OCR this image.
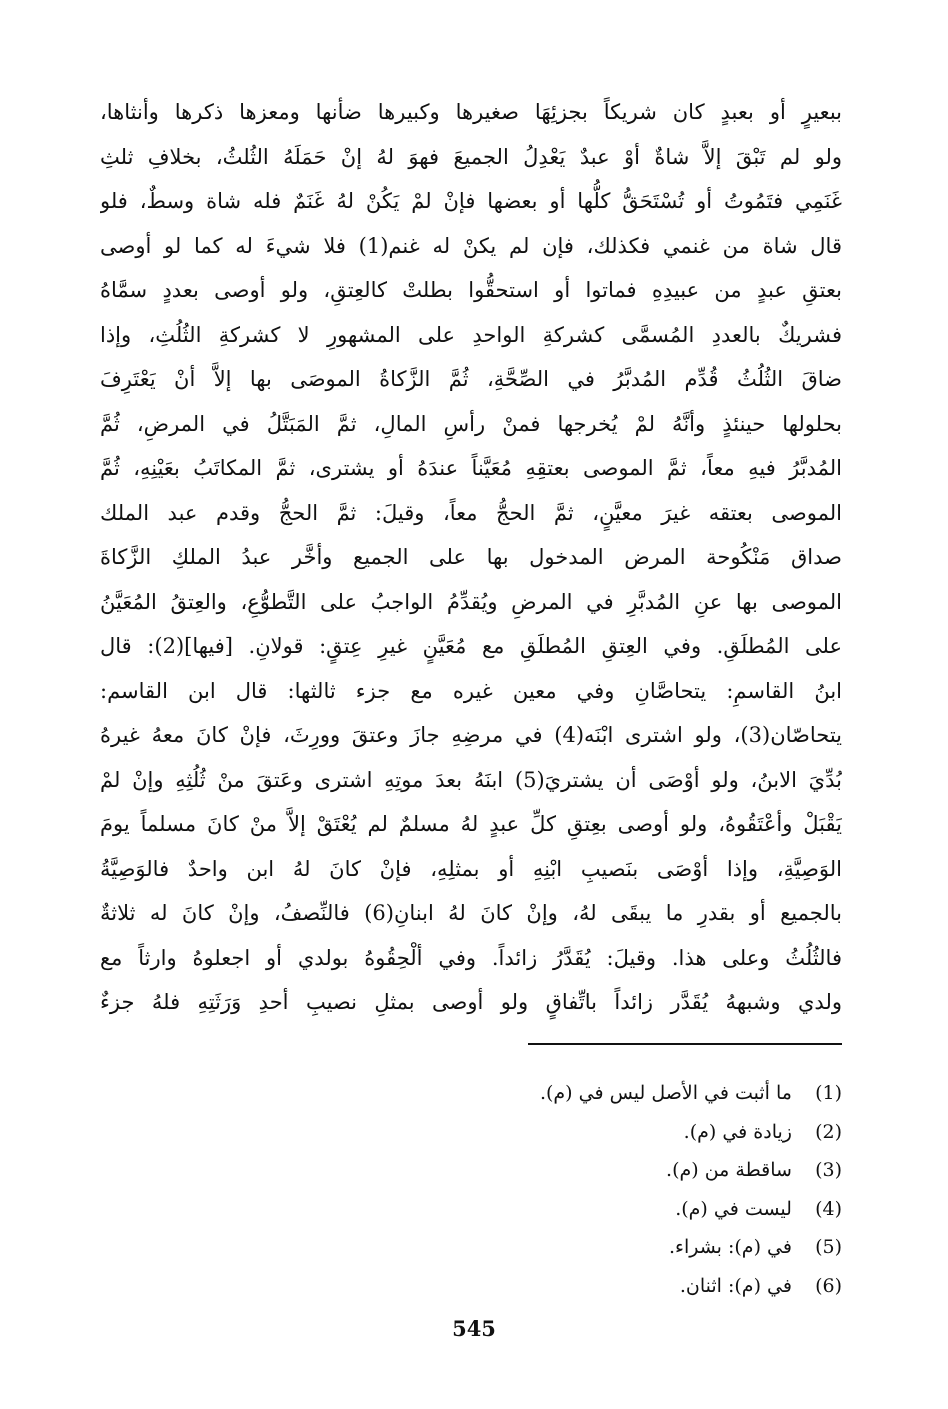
ببعيرٍ أو بعبدٍ كان شريكاً بجزئِهَا صغيرها وكبيرها ضأنها ومعزها ذكرها وأنثاها،
ولو لم تَبْقَ إلاَّ شاةٌ أوْ عبدٌ يَعْدِلُ الجميعَ فهوَ لهُ إنْ حَمَلَهُ الثُلثُ، بخلافِ ثلثِ
غَنَمِي فتَمُوتُ أو تُسْتَحَقُّ كلُّها أو بعضها فإنْ لمْ يَكُنْ لهُ غَنَمٌ فله شاة وسطٌ، فلو
قال شاة من غنمي فكذلك، فإن لم يكنْ له غنم(1) فلا شيءَ له كما لو أوصى
بعتقِ عبدٍ من عبيدِهِ فماتوا أو استحقُّوا بطلتْ كالعِتقِ، ولو أوصى بعددٍ سمَّاهُ
فشريكٌ بالعددِ المُسمَّى كشركةِ الواحدِ على المشهورِ لا كشركةِ الثُلُثِ، وإذا
ضاقَ الثُلُثُ قُدِّم المُدبَّرُ في الصِّحَّةِ، ثُمَّ الزَّكاةُ الموصَى بها إلاَّ أنْ يَعْتَرِفَ
بحلولها حينئذٍ وأنَّهُ لمْ يُخرجها فمنْ رأسِ المالِ، ثمَّ المَبَتَّلُ في المرضِ، ثُمَّ
المُدبَّرُ فيهِ معاً، ثمَّ الموصى بعتقِهِ مُعَيَّناً عندَهُ أو يشترى، ثمَّ المكاتَبُ بعَيْنِهِ، ثُمَّ
الموصى بعتقه غيرَ معيَّنٍ، ثمَّ الحجُّ معاً، وقيلَ: ثمَّ الحجُّ وقدم عبد الملك
صداق مَنْكُوحة المرض المدخول بها على الجميع وأخَّر عبدُ الملكِ الزَّكاةَ
الموصى بها عنِ المُدبَّرِ في المرضِ ويُقدِّمُ الواجبُ على التَّطوُّعِ، والعِتقُ المُعَيَّنُ
على المُطلَقِ. وفي العِتقِ المُطلَقِ مع مُعَيَّنٍ غيرِ عِتقٍ: قولانِ. [فيها](2): قال
ابنُ القاسمِ: يتحاصَّانِ وفي معين غيره مع جزء ثالثها: قال ابن القاسم:
يتحاصّان(3)، ولو اشترى ابْنَه(4) في مرضِهِ جازَ وعتقَ وورِثَ، فإنْ كانَ معهُ غيرهُ
بُدِّيَ الابنُ، ولو أوْصَى أن يشتريَ(5) ابنَهُ بعدَ موتِهِ اشترى وعَتقَ منْ ثُلُثِهِ وإنْ لمْ
يَقْبَلْ وأعْتَقُوهُ، ولو أوصى بعِتقِ كلِّ عبدٍ لهُ مسلمٌ لم يُعْتَقْ إلاَّ منْ كانَ مسلماً يومَ
الوَصِيَّةِ، وإذا أوْصَى بنَصيبِ ابْنِهِ أو بمثلِهِ، فإنْ كانَ لهُ ابن واحدٌ فالوَصِيَّةُ
بالجميع أو بقدرِ ما يبقَى لهُ، وإنْ كانَ لهُ ابنانِ(6) فالنِّصفُ، وإنْ كانَ له ثلاثةٌ
فالثُلُثُ وعلى هذا. وقيلَ: يُقَدَّرُ زائداً. وفي ألْحِقُوهُ بولدي أو اجعلوهُ وارثاً مع
ولدي وشبههُ يُقَدَّر زائداً باتِّفاقٍ ولو أوصى بمثلِ نصيبِ أحدِ وَرَثَتِهِ فلهُ جزءٌ
(1) ما أثبت في الأصل ليس في (م).
(2) زيادة في (م).
(3) ساقطة من (م).
(4) ليست في (م).
(5) في (م): بشراء.
(6) في (م): اثنان.
545
